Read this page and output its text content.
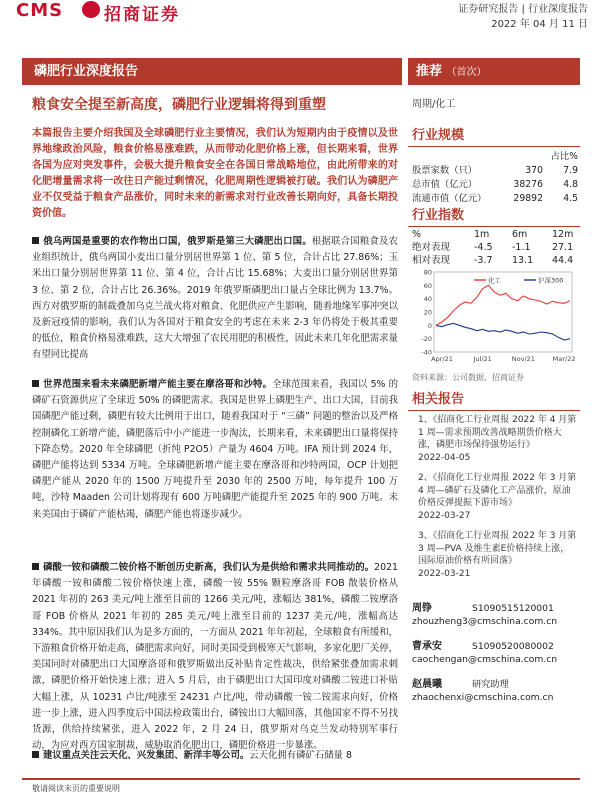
CMS 招商证券	证券研究报告 | 行业深度报告
2022 年 04 月 11 日
磷肥行业深度报告	推荐 （首次）
粮食安全提至新高度，磷肥行业逻辑将得到重塑
本篇报告主要介绍我国及全球磷肥行业主要情况，我们认为短期内由于疫情以及世界地缘政治风险，粮食价格易涨难跌，从而带动化肥价格上涨，但长期来看，世界各国为应对突发事件，会极大提升粮食安全在各国日常战略地位，由此所带来的对化肥增量需求将一改往日产能过剩情况，化肥周期性逻辑被打破。我们认为磷肥产业不仅受益于粮食产品涨价，同时未来的新需求对行业改善长期向好，具备长期投资价值。
俄乌两国是重要的农作物出口国，俄罗斯是第三大磷肥出口国。根据联合国粮食及农业组织统计，俄乌两国小麦出口量分别居世界第 1 位、第 5 位，合计占比 27.86%；玉米出口量分别居世界第 11 位、第 4 位，合计占比 15.68%；大麦出口量分别居世界第 3 位、第 2 位，合计占比 26.36%。2019 年俄罗斯磷肥出口量占全球比例为 13.7%。西方对俄罗斯的制裁叠加乌克兰战火将对粮食、化肥供应产生影响，随着地缘军事冲突以及新冠疫情的影响，我们认为各国对于粮食安全的考虑在未来 2-3 年仍将处于极其重要的低位，粮食价格易涨难跌，这大大增强了农民用肥的积极性，因此未来几年化肥需求量有望同比提高
世界范围来看未来磷肥新增产能主要在摩洛哥和沙特。全球范围来看，我国以 5% 的磷矿石资源供应了全球近 50% 的磷肥需求。我国是世界上磷肥生产、出口大国，目前我国磷肥产能过剩，磷肥有较大比例用于出口，随着我国对于 “三磷” 问题的整治以及严格控制磷化工新增产能，磷肥落后中小产能进一步淘汰，长期来看，未来磷肥出口量将保持下降态势。2020 年全球磷肥（折纯 P2O5）产量为 4604 万吨。IFA 预计到 2024 年，磷肥产能将达到 5334 万吨。全球磷肥新增产能主要在摩洛哥和沙特两国，OCP 计划把磷肥产能从 2020 年的 1500 万吨提升至 2030 年的 2500 万吨，每年提升 100 万吨，沙特 Maaden 公司计划将现有 600 万吨磷肥产能提升至 2025 年的 900 万吨。未来美国由于磷矿产能枯竭，磷肥产能也将逐步减少。
磷酸一铵和磷酸二铵价格不断创历史新高，我们认为是供给和需求共同推动的。2021 年磷酸一铵和磷酸二铵价格快速上涨，磷酸一铵 55% 颗粒摩洛哥 FOB 散装价格从 2021 年初的 263 美元/吨上涨至目前的 1266 美元/吨，涨幅达 381%，磷酸二铵摩洛哥 FOB 价格从 2021 年初的 285 美元/吨上涨至目前的 1237 美元/吨，涨幅高达 334%。其中原因我们认为是多方面的，一方面从 2021 年年初起，全球粮食有所缓和，下游粮食价格开始走高，磷肥需求向好，同时美国受到极寒天气影响，多家化肥厂关停，美国同时对磷肥出口大国摩洛哥和俄罗斯做出反补贴肯定性裁决，供给紧张叠加需求刺激，磷肥价格开始快速上涨；进入 5 月后，由于磷肥出口大国印度对磷酸二铵进口补贴大幅上涨，从 10231 卢比/吨涨至 24231 卢比/吨，带动磷酸一铵二铵需求向好，价格进一步上涨，进入四季度后中国法检政策出台，磷铵出口大幅回落，其他国家不得不另找货源，供给持续紧张，进入 2022 年，2 月 24 日，俄罗斯对乌克兰发动特别军事行动，为应对西方国家制裁，威胁取消化肥出口，磷肥价格进一步暴涨。
建议重点关注云天化、兴发集团、新洋丰等公司。云天化拥有磷矿石储量 8
周期/化工
行业规模
占比%
股票家数（只）	370 7.9
总市值（亿元）	38276 4.8
流通市值（亿元）	29892 4.5
行业指数
%	1m 6m	12m
绝对表现	-4.5 -1.1 27.1
相对表现	-3.7 13.1 44.4
80
60
40
20
0
-20
-40
Apr/21	Jul/21	Nov/21	Mar/22
化工	沪深300
资料来源：公司数据、招商证券
相关报告
1、《招商化工行业周报 2022 年 4 月第 1 周—需求预期改善战略期货价格大涨，磷肥市场保持强势运行》
2022-04-05
2、《招商化工行业周报 2022 年 3 月第 4 周—磷矿石及磷化工产品涨价，原油价格反弹提振下游市场》
2022-03-27
3、《招商化工行业周报 2022 年 3 月第 3 周—PVA 及维生素E价格持续上涨，国际原油价格有所回落》
2022-03-21
周铮	S1090515120001
zhouzheng3@cmschina.com.cn
曹承安	S1090520080002
caochengan@cmschina.com.cn
赵晨曦	研究助理
zhaochenxi@cmschina.com.cn
敬请阅读末页的重要说明
